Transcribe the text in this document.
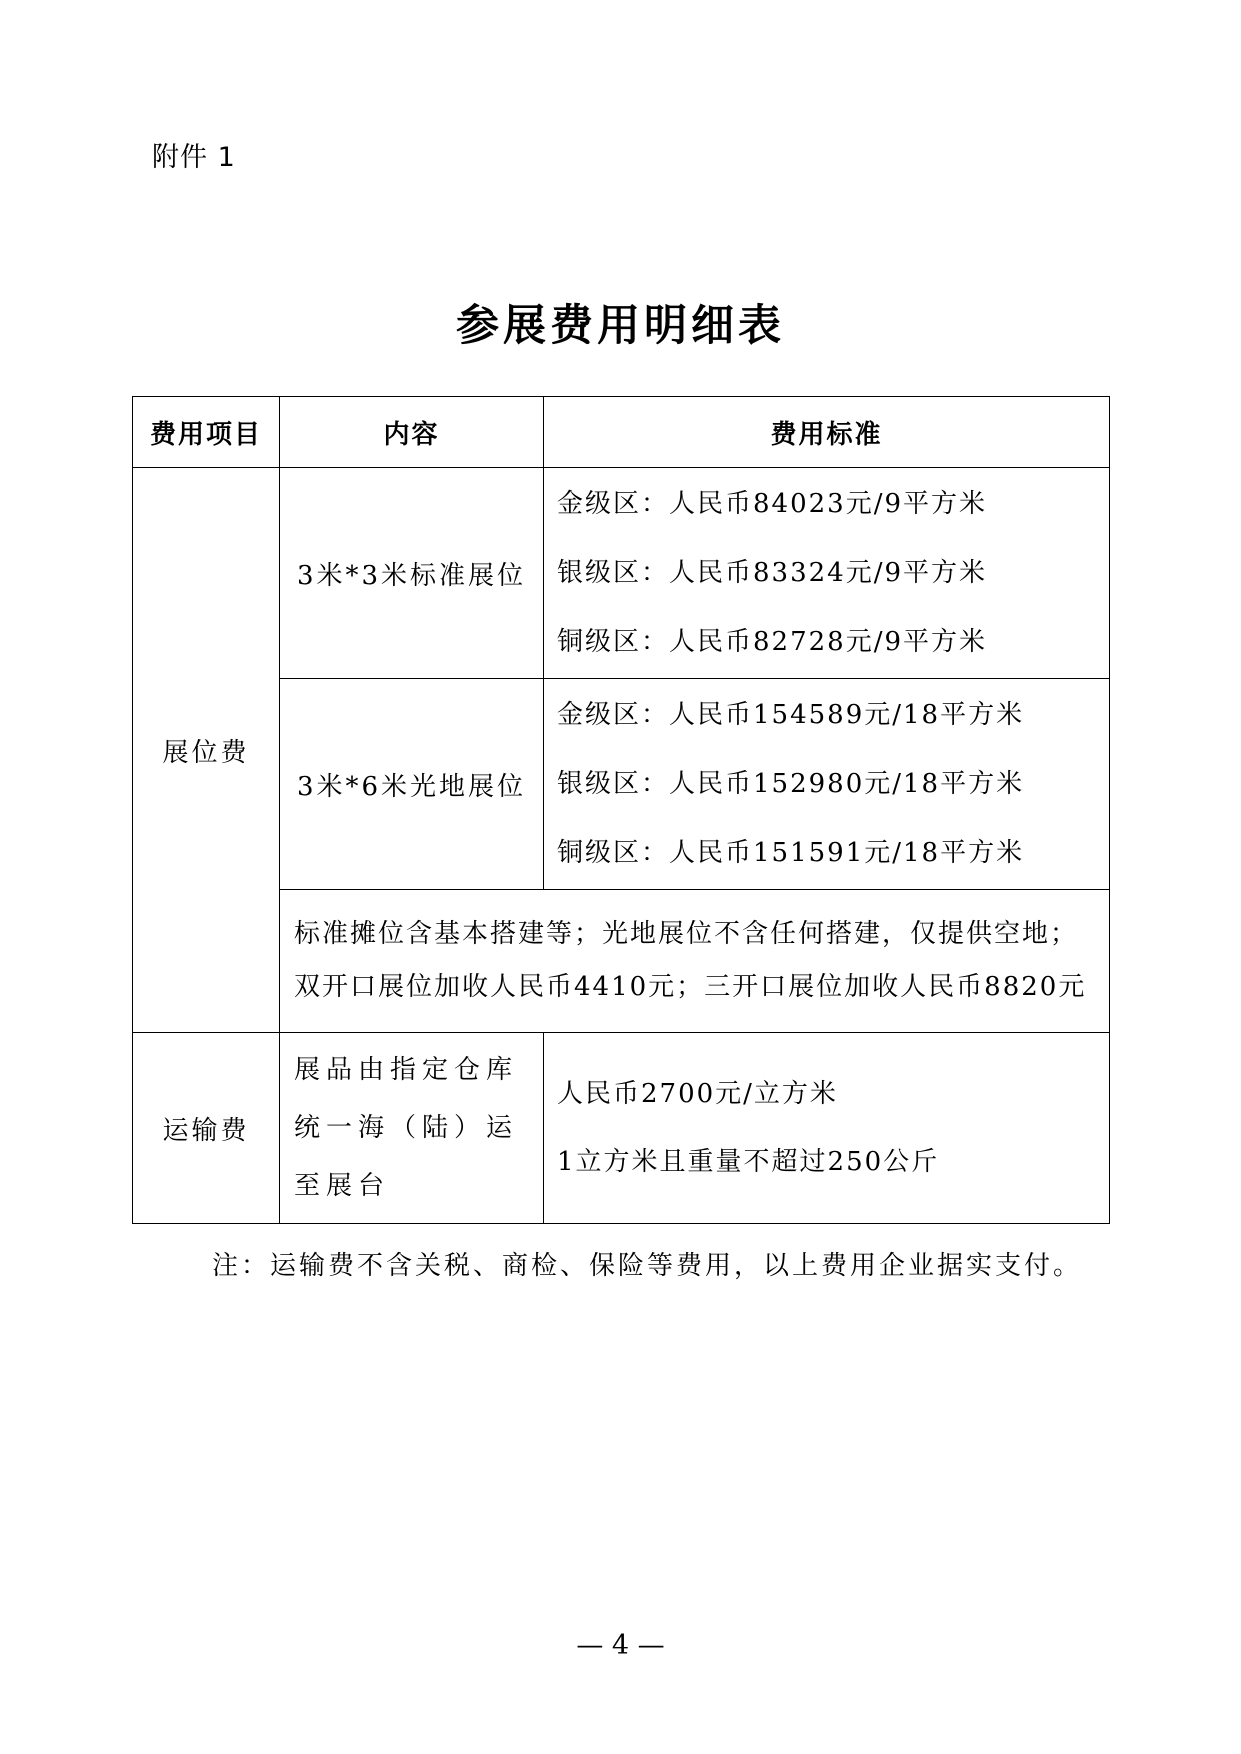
附件 1
参展费用明细表
费用项目	内容	费用标准
展位费	3米*3米标准展位	金级区：人民币84023元/9平方米
银级区：人民币83324元/9平方米
铜级区：人民币82728元/9平方米

	3米*6米光地展位	金级区：人民币154589元/18平方米
银级区：人民币152980元/18平方米
铜级区：人民币151591元/18平方米

	标准摊位含基本搭建等；光地展位不含任何搭建，仅提供空地；
双开口展位加收人民币4410元；三开口展位加收人民币8820元	

运输费	展品由指定仓库统一海（陆）运至展台	人民币2700元/立方米
1立方米且重量不超过250公斤
注：运输费不含关税、商检、保险等费用，以上费用企业据实支付。
— 4 —
